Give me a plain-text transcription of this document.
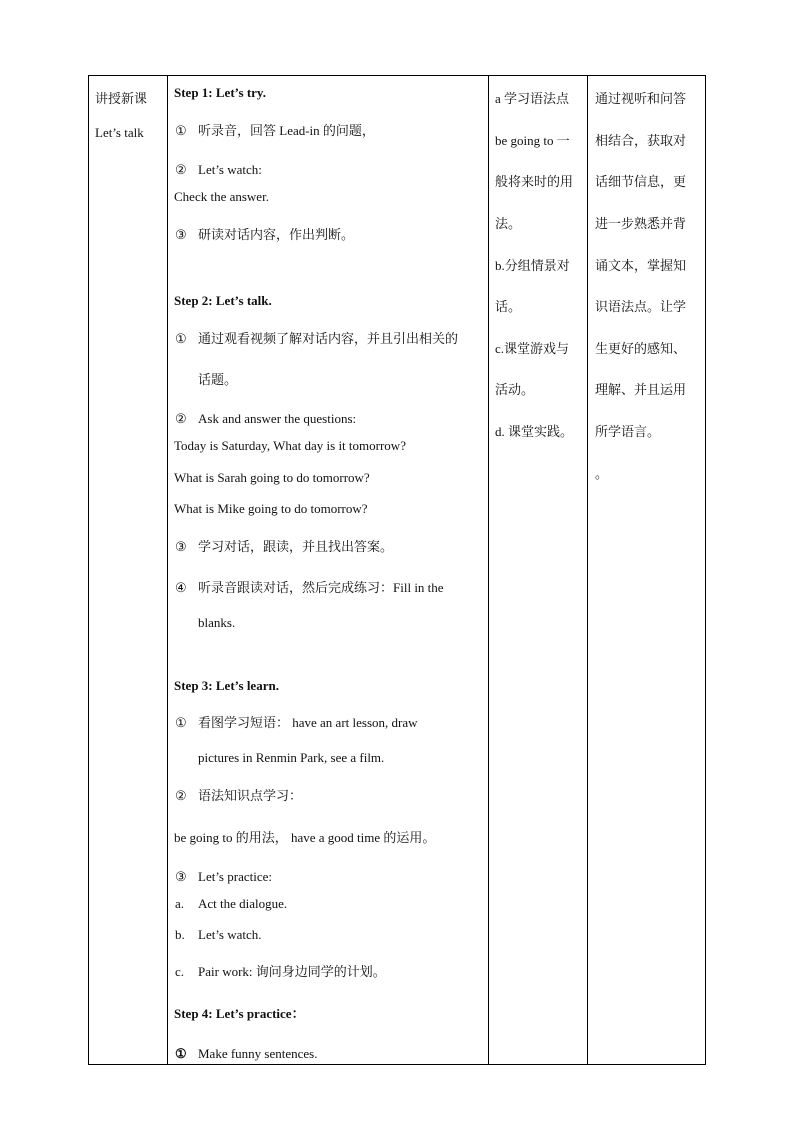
讲授新课
Let’s talk
Step 1: Let’s try.
① 听录音，回答 Lead-in 的问题，
② Let’s watch:
Check the answer.
③ 研读对话内容，作出判断。
Step 2: Let’s talk.
① 通过观看视频了解对话内容，并且引出相关的
话题。
② Ask and answer the questions:
Today is Saturday, What day is it tomorrow?
What is Sarah going to do tomorrow?
What is Mike going to do tomorrow?
③ 学习对话，跟读，并且找出答案。
④ 听录音跟读对话，然后完成练习：Fill in the
blanks.
Step 3: Let’s learn.
① 看图学习短语： have an art lesson, draw
pictures in Renmin Park, see a film.
② 语法知识点学习：
be going to 的用法， have a good time 的运用。
③ Let’s practice:
a. Act the dialogue.
b. Let’s watch.
c. Pair work: 询问身边同学的计划。
Step 4: Let’s practice：
① Make funny sentences.
a 学习语法点
be going to 一
般将来时的用
法。
b.分组情景对
话。
c.课堂游戏与
活动。
d. 课堂实践。
通过视听和问答
相结合，获取对
话细节信息，更
进一步熟悉并背
诵文本，掌握知
识语法点。让学
生更好的感知、
理解、并且运用
所学语言。
。
